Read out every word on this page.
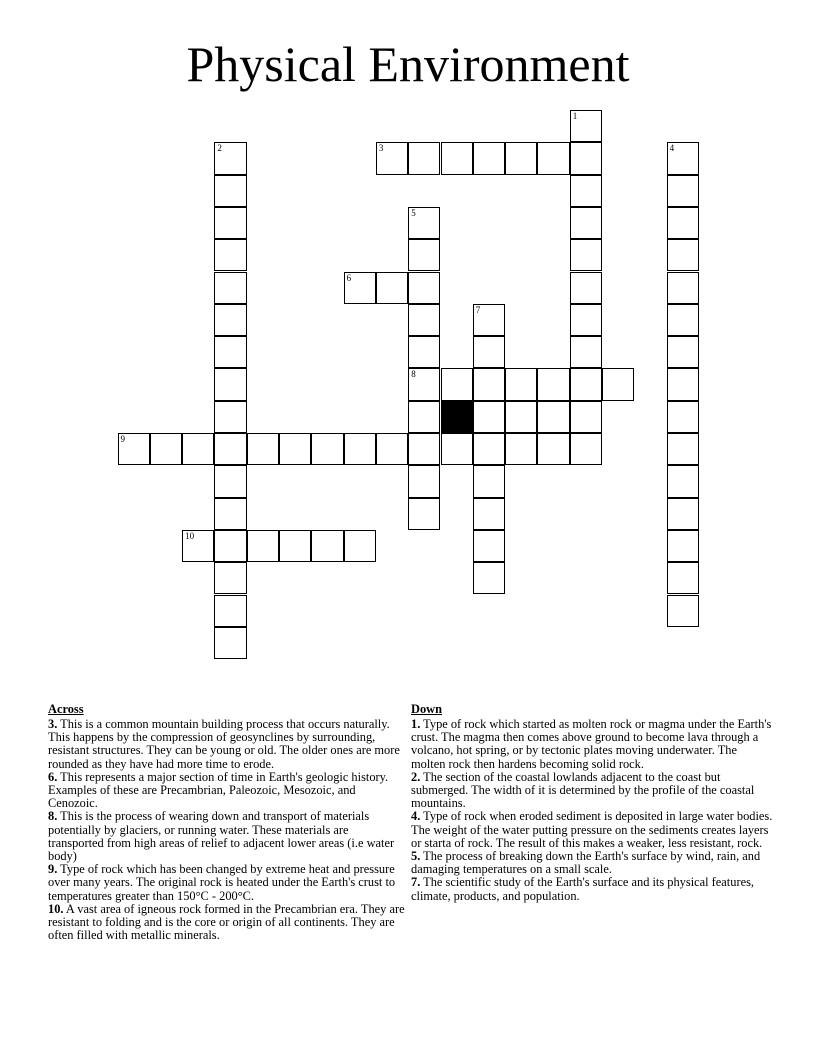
Physical Environment
1
2	3	4
5
8
6
7
9
10
Across
3. This is a common mountain building process that occurs naturally. This happens by the compression of geosynclines by surrounding, resistant structures. They can be young or old. The older ones are more rounded as they have had more time to erode.
6. This represents a major section of time in Earth's geologic history. Examples of these are Precambrian, Paleozoic, Mesozoic, and Cenozoic.
8. This is the process of wearing down and transport of materials potentially by glaciers, or running water. These materials are transported from high areas of relief to adjacent lower areas (i.e water body)
9. Type of rock which has been changed by extreme heat and pressure over many years. The original rock is heated under the Earth's crust to temperatures greater than 150°C - 200°C.
10. A vast area of igneous rock formed in the Precambrian era. They are resistant to folding and is the core or origin of all continents. They are often filled with metallic minerals.
Down
1. Type of rock which started as molten rock or magma under the Earth's crust. The magma then comes above ground to become lava through a volcano, hot spring, or by tectonic plates moving underwater. The molten rock then hardens becoming solid rock.
2. The section of the coastal lowlands adjacent to the coast but submerged. The width of it is determined by the profile of the coastal mountains.
4. Type of rock when eroded sediment is deposited in large water bodies. The weight of the water putting pressure on the sediments creates layers or starta of rock. The result of this makes a weaker, less resistant, rock.
5. The process of breaking down the Earth's surface by wind, rain, and damaging temperatures on a small scale.
7. The scientific study of the Earth's surface and its physical features, climate, products, and population.
